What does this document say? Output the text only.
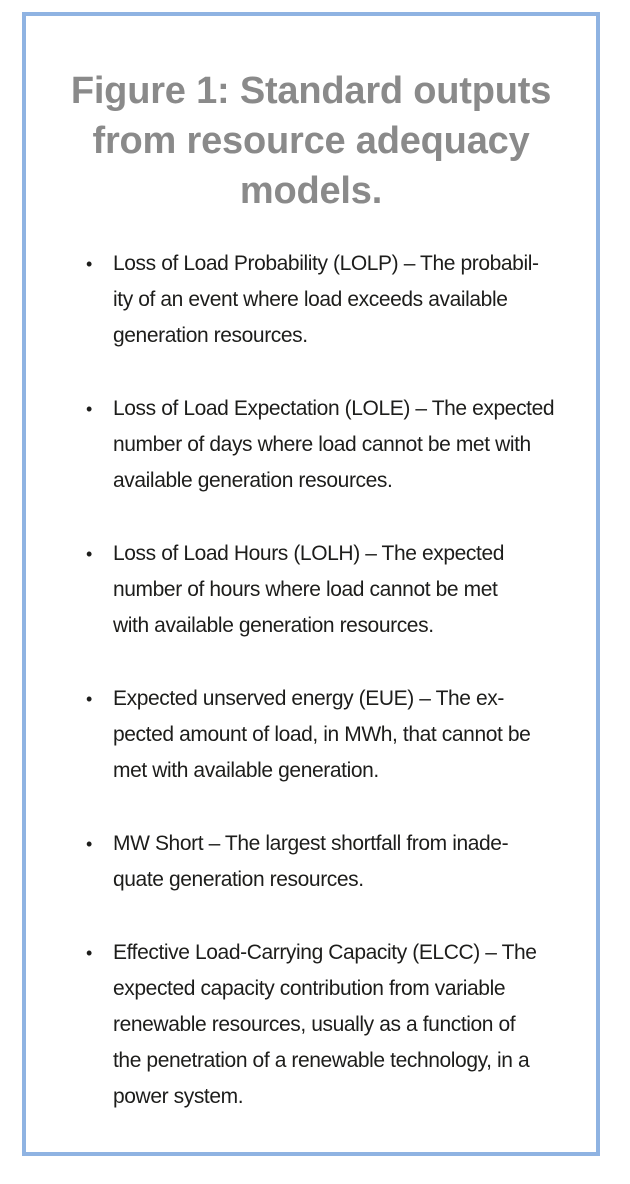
Figure 1: Standard outputs
from resource adequacy
models.
• Loss of Load Probability (LOLP) – The probabil-
ity of an event where load exceeds available
generation resources.
• Loss of Load Expectation (LOLE) – The expected
number of days where load cannot be met with
available generation resources.
• Loss of Load Hours (LOLH) – The expected
number of hours where load cannot be met
with available generation resources.
• Expected unserved energy (EUE) – The ex-
pected amount of load, in MWh, that cannot be
met with available generation.
• MW Short – The largest shortfall from inade-
quate generation resources.
• Effective Load-Carrying Capacity (ELCC) – The
expected capacity contribution from variable
renewable resources, usually as a function of
the penetration of a renewable technology, in a
power system.
